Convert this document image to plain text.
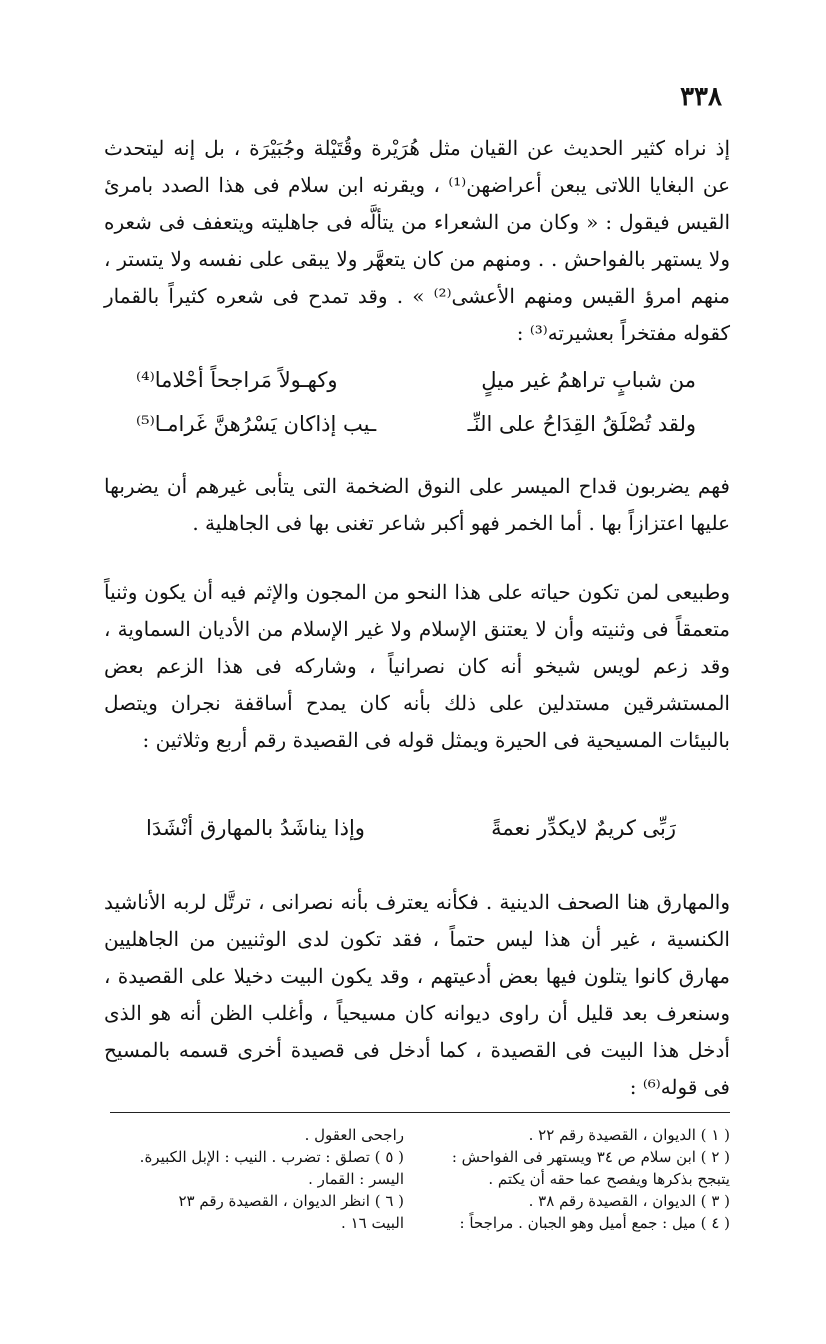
٣٣٨

إذ نراه كثير الحديث عن القيان مثل هُرَيْرة وقُتَيْلة وجُبَيْرَة ، بل إنه ليتحدث عن البغايا اللاتى يبعن أعراضهن⁽¹⁾ ، ويقرنه ابن سلام فى هذا الصدد بامرئ القيس فيقول : « وكان من الشعراء من يتألَّه فى جاهليته ويتعفف فى شعره ولا يستهر بالفواحش . . ومنهم من كان يتعهَّر ولا يبقى على نفسه ولا يتستر ، منهم امرؤ القيس ومنهم الأعشى⁽²⁾ » . وقد تمدح فى شعره كثيراً بالقمار كقوله مفتخراً بعشيرته⁽³⁾ :

من شبابٍ تراهمُ غير ميلٍ
وكهـولاً مَراجحاً أحْلاما⁽⁴⁾
ولقد تُصْلَقُ القِدَاحُ على النِّـ
ـيب إذاكان يَسْرُهنَّ غَرامـا⁽⁵⁾

فهم يضربون قداح الميسر على النوق الضخمة التى يتأبى غيرهم أن يضربها عليها اعتزازاً بها . أما الخمر فهو أكبر شاعر تغنى بها فى الجاهلية .

وطبيعى لمن تكون حياته على هذا النحو من المجون والإثم فيه أن يكون وثنياً متعمقاً فى وثنيته وأن لا يعتنق الإسلام ولا غير الإسلام من الأديان السماوية ، وقد زعم لويس شيخو أنه كان نصرانياً ، وشاركه فى هذا الزعم بعض المستشرقين مستدلين على ذلك بأنه كان يمدح أساقفة نجران ويتصل بالبيئات المسيحية فى الحيرة ويمثل قوله فى القصيدة رقم أربع وثلاثين :

رَبِّى كريمٌ لايكدِّر نعمةً
وإذا يناشَدُ بالمهارق أنْشَدَا

والمهارق هنا الصحف الدينية . فكأنه يعترف بأنه نصرانى ، ترتَّل لربه الأناشيد الكنسية ، غير أن هذا ليس حتماً ، فقد تكون لدى الوثنيين من الجاهليين مهارق كانوا يتلون فيها بعض أدعيتهم ، وقد يكون البيت دخيلا على القصيدة ، وسنعرف بعد قليل أن راوى ديوانه كان مسيحياً ، وأغلب الظن أنه هو الذى أدخل هذا البيت فى القصيدة ، كما أدخل فى قصيدة أخرى قسمه بالمسيح فى قوله⁽⁶⁾ :

( ١ ) الديوان ، القصيدة رقم ٢٢ .
( ٢ ) ابن سلام ص ٣٤ ويستهر فى الفواحش :
يتبجح بذكرها ويفصح عما حقه أن يكتم .
( ٣ ) الديوان ، القصيدة رقم ٣٨ .
( ٤ ) ميل : جمع أميل وهو الجبان . مراجحاً :
راجحى العقول .
( ٥ ) تصلق : تضرب . النيب : الإبل الكبيرة.
اليسر : القمار .
( ٦ ) انظر الديوان ، القصيدة رقم ٢٣
البيت ١٦ .
